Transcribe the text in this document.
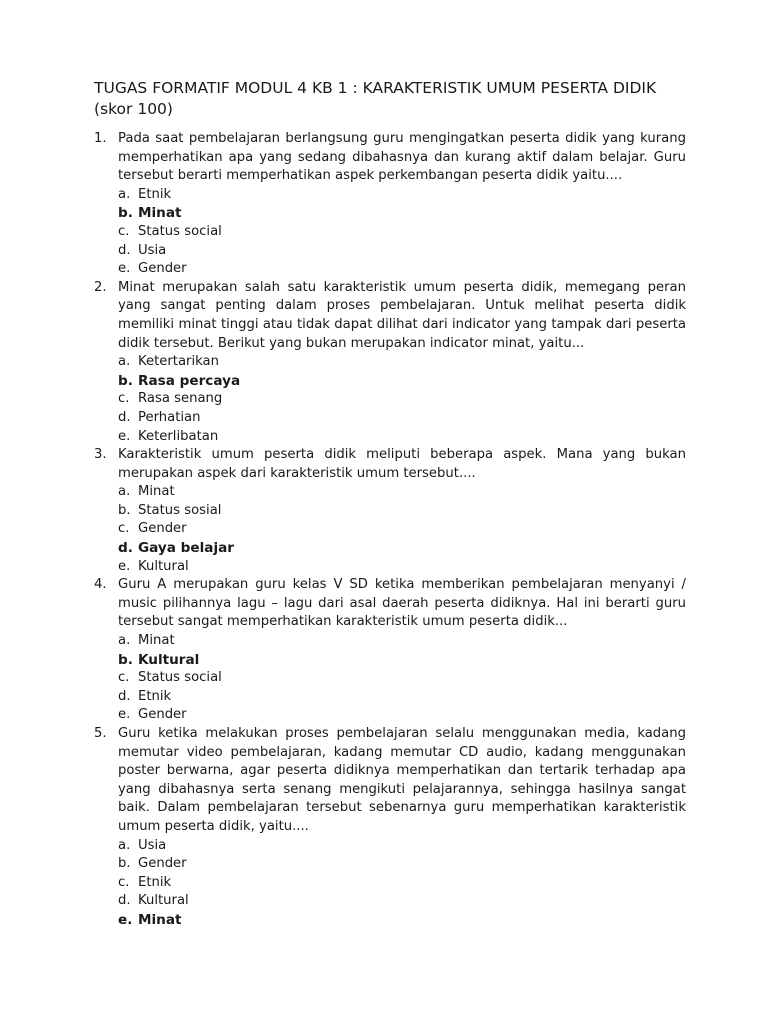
TUGAS FORMATIF MODUL 4 KB 1 : KARAKTERISTIK UMUM PESERTA DIDIK (skor 100)
1. Pada saat pembelajaran berlangsung guru mengingatkan peserta didik yang kurang memperhatikan apa yang sedang dibahasnya dan kurang aktif dalam belajar. Guru tersebut berarti memperhatikan aspek perkembangan peserta didik yaitu....

a. Etnik
b. Minat
c. Status social
d. Usia
e. Gender
2. Minat merupakan salah satu karakteristik umum peserta didik, memegang peran yang sangat penting dalam proses pembelajaran. Untuk melihat peserta didik memiliki minat tinggi atau tidak dapat dilihat dari indicator yang tampak dari peserta didik tersebut. Berikut yang bukan merupakan indicator minat, yaitu...

a. Ketertarikan
b. Rasa percaya
c. Rasa senang
d. Perhatian
e. Keterlibatan
3. Karakteristik umum peserta didik meliputi beberapa aspek. Mana yang bukan merupakan aspek dari karakteristik umum tersebut....

a. Minat
b. Status sosial
c. Gender
d. Gaya belajar
e. Kultural
4. Guru A merupakan guru kelas V SD ketika memberikan pembelajaran menyanyi / music pilihannya lagu – lagu dari asal daerah peserta didiknya. Hal ini berarti guru tersebut sangat memperhatikan karakteristik umum peserta didik...

a. Minat
b. Kultural
c. Status social
d. Etnik
e. Gender
5. Guru ketika melakukan proses pembelajaran selalu menggunakan media, kadang memutar video pembelajaran, kadang memutar CD audio, kadang menggunakan poster berwarna, agar peserta didiknya memperhatikan dan tertarik terhadap apa yang dibahasnya serta senang mengikuti pelajarannya, sehingga hasilnya sangat baik. Dalam pembelajaran tersebut sebenarnya guru memperhatikan karakteristik umum peserta didik, yaitu....

a. Usia
b. Gender
c. Etnik
d. Kultural
e. Minat
